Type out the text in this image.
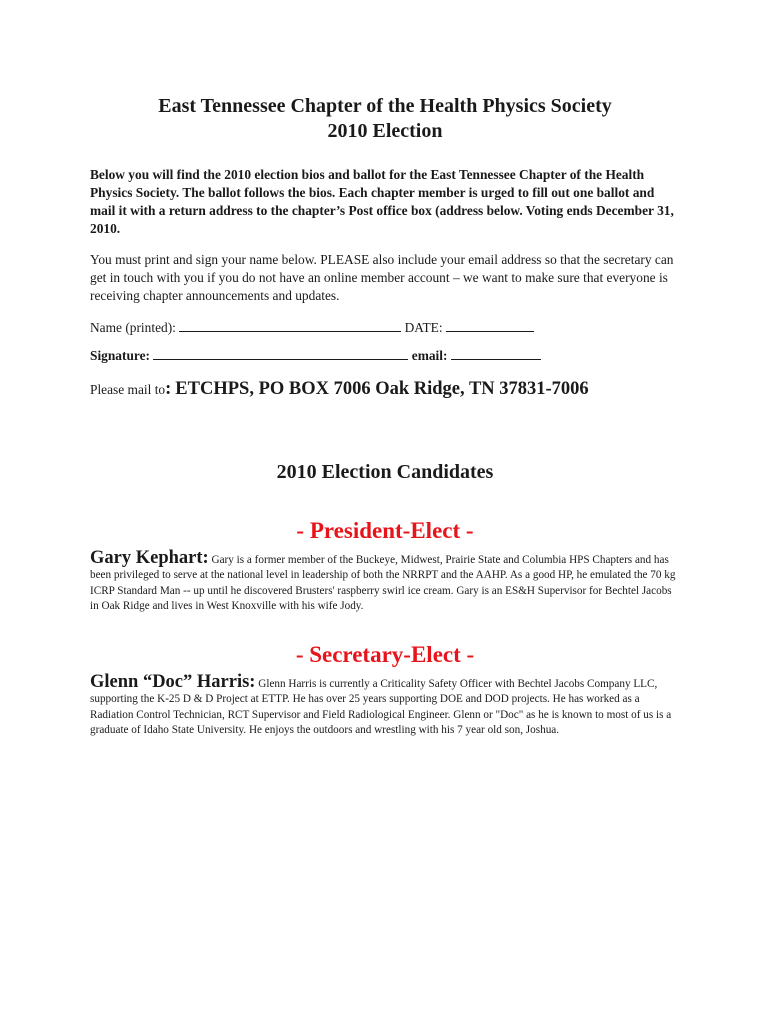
East Tennessee Chapter of the Health Physics Society
2010 Election

Below you will find the 2010 election bios and ballot for the East Tennessee Chapter of the Health Physics Society. The ballot follows the bios. Each chapter member is urged to fill out one ballot and mail it with a return address to the chapter’s Post office box (address below. Voting ends December 31, 2010.

You must print and sign your name below. PLEASE also include your email address so that the secretary can get in touch with you if you do not have an online member account – we want to make sure that everyone is receiving chapter announcements and updates.

Name (printed):	DATE:
Signature:	email:
Please mail to: ETCHPS, PO BOX 7006 Oak Ridge, TN 37831-7006
2010 Election Candidates
- President-Elect -

Gary Kephart: Gary is a former member of the Buckeye, Midwest, Prairie State and Columbia HPS Chapters and has been privileged to serve at the national level in leadership of both the NRRPT and the AAHP. As a good HP, he emulated the 70 kg ICRP Standard Man -- up until he discovered Brusters' raspberry swirl ice cream. Gary is an ES&H Supervisor for Bechtel Jacobs in Oak Ridge and lives in West Knoxville with his wife Jody.

- Secretary-Elect -

Glenn “Doc” Harris: Glenn Harris is currently a Criticality Safety Officer with Bechtel Jacobs Company LLC, supporting the K-25 D & D Project at ETTP. He has over 25 years supporting DOE and DOD projects. He has worked as a Radiation Control Technician, RCT Supervisor and Field Radiological Engineer. Glenn or "Doc" as he is known to most of us is a graduate of Idaho State University. He enjoys the outdoors and wrestling with his 7 year old son, Joshua.
